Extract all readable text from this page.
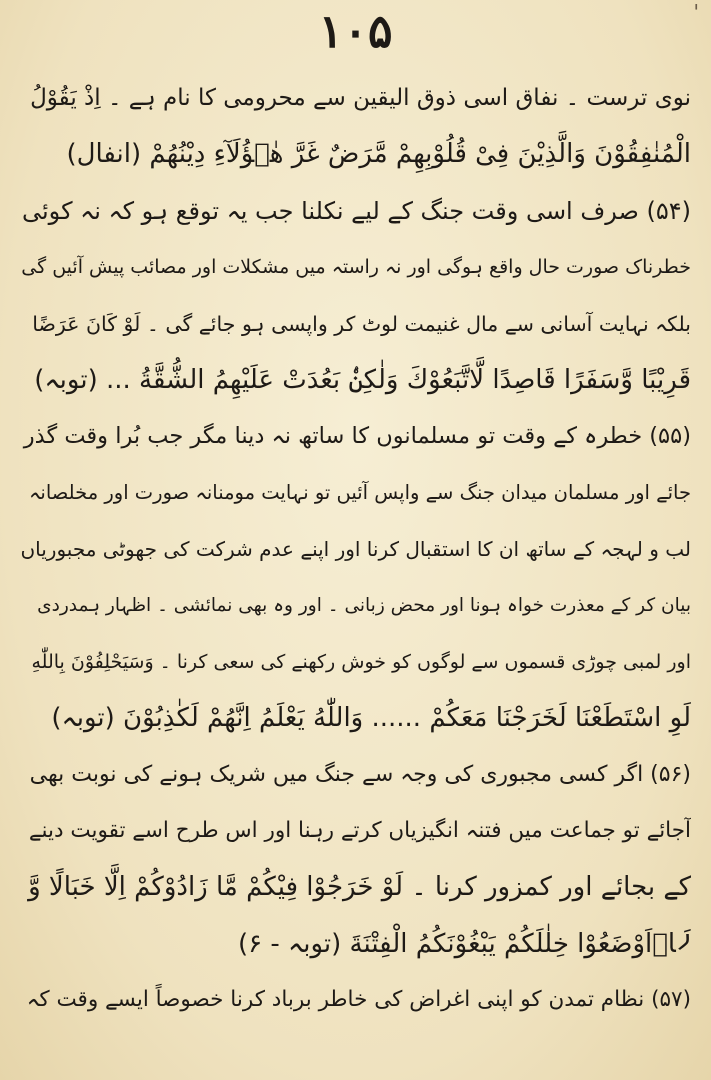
'
۱۰۵
نوی ترست ۔ نفاق اسی ذوق الیقین سے محرومی کا نام ہے ۔ اِذْ یَقُوْلُ
الْمُنٰفِقُوْنَ وَالَّذِیْنَ فِیْ قُلُوْبِهِمْ مَّرَضٌ غَرَّ هٰۤؤُلَآءِ دِیْنُهُمْ (انفال)
(۵۴) صرف اسی وقت جنگ کے لیے نکلنا جب یہ توقع ہو کہ نہ کوئی
خطرناک صورت حال واقع ہوگی اور نہ راستہ میں مشکلات اور مصائب پیش آئیں گی
بلکہ نہایت آسانی سے مال غنیمت لوٹ کر واپسی ہو جائے گی ۔ لَوْ كَانَ عَرَضًا
قَرِیْبًا وَّسَفَرًا قَاصِدًا لَّاتَّبَعُوْكَ وَلٰكِنْۢ بَعُدَتْ عَلَیْهِمُ الشُّقَّةُ ... (توبہ)
(۵۵) خطرہ کے وقت تو مسلمانوں کا ساتھ نہ دینا مگر جب بُرا وقت گذر
جائے اور مسلمان میدان جنگ سے واپس آئیں تو نہایت مومنانہ صورت اور مخلصانہ
لب و لہجہ کے ساتھ ان کا استقبال کرنا اور اپنے عدم شرکت کی جھوٹی مجبوریاں
بیان کر کے معذرت خواہ ہونا اور محض زبانی ۔ اور وہ بھی نمائشی ۔ اظہار ہمدردی
اور لمبی چوڑی قسموں سے لوگوں کو خوش رکھنے کی سعی کرنا ۔ وَسَیَحْلِفُوْنَ بِاللّٰهِ
لَوِ اسْتَطَعْنَا لَخَرَجْنَا مَعَكُمْ ...... وَاللّٰهُ یَعْلَمُ اِنَّهُمْ لَكٰذِبُوْنَ (توبہ)
(۵۶) اگر کسی مجبوری کی وجہ سے جنگ میں شریک ہونے کی نوبت بھی
آجائے تو جماعت میں فتنہ انگیزیاں کرتے رہنا اور اس طرح اسے تقویت دینے
کے بجائے اور کمزور کرنا ۔ لَوْ خَرَجُوْا فِیْكُمْ مَّا زَادُوْكُمْ اِلَّا خَبَالًا وَّ
لَاۡاَوْضَعُوْا خِلٰلَكُمْ یَبْغُوْنَكُمُ الْفِتْنَةَ (توبہ - ۶)
(۵۷) نظام تمدن کو اپنی اغراض کی خاطر برباد کرنا خصوصاً ایسے وقت کہ
